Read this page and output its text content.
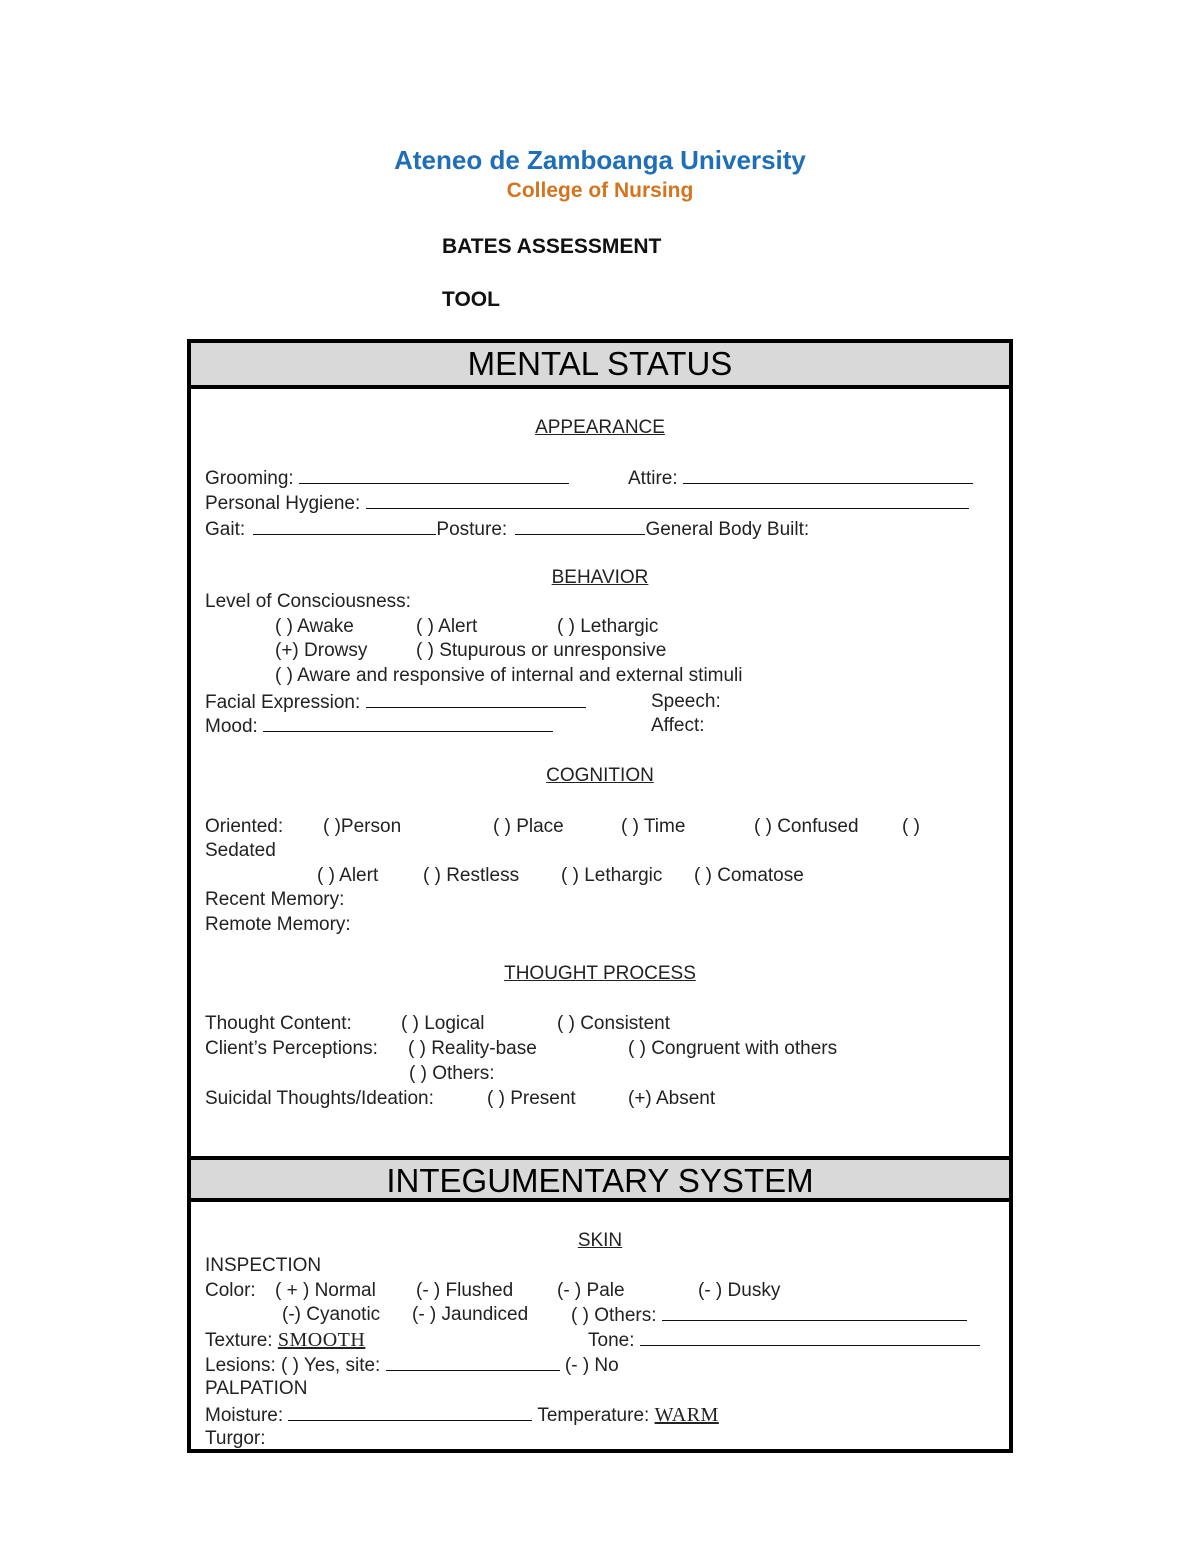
Ateneo de Zamboanga University
College of Nursing
BATES ASSESSMENT
TOOL
MENTAL STATUS
APPEARANCE
Grooming:	Attire:
Personal Hygiene:
Gait:	Posture:	General Body Built:
BEHAVIOR
Level of Consciousness:
( ) Awake	( ) Alert	( ) Lethargic
(+) Drowsy	( ) Stupurous or unresponsive
( ) Aware and responsive of internal and external stimuli
Facial Expression:	Speech:
Mood:	Affect:
COGNITION
Oriented: ( )Person	( ) Place	( ) Time	( ) Confused ( )
Sedated
( ) Alert ( ) Restless ( ) Lethargic ( ) Comatose
Recent Memory:
Remote Memory:
THOUGHT PROCESS
Thought Content:	( ) Logical	( ) Consistent
Client’s Perceptions: ( ) Reality-base	( ) Congruent with others
( ) Others:
Suicidal Thoughts/Ideation:	( ) Present	(+) Absent
INTEGUMENTARY SYSTEM
SKIN
INSPECTION
Color: ( + ) Normal (- ) Flushed (- ) Pale	(- ) Dusky
(-) Cyanotic (- ) Jaundiced ( ) Others:
Texture: SMOOTH	Tone:
Lesions: ( ) Yes, site:	(- ) No
PALPATION
Moisture:	Temperature: WARM
Turgor:
